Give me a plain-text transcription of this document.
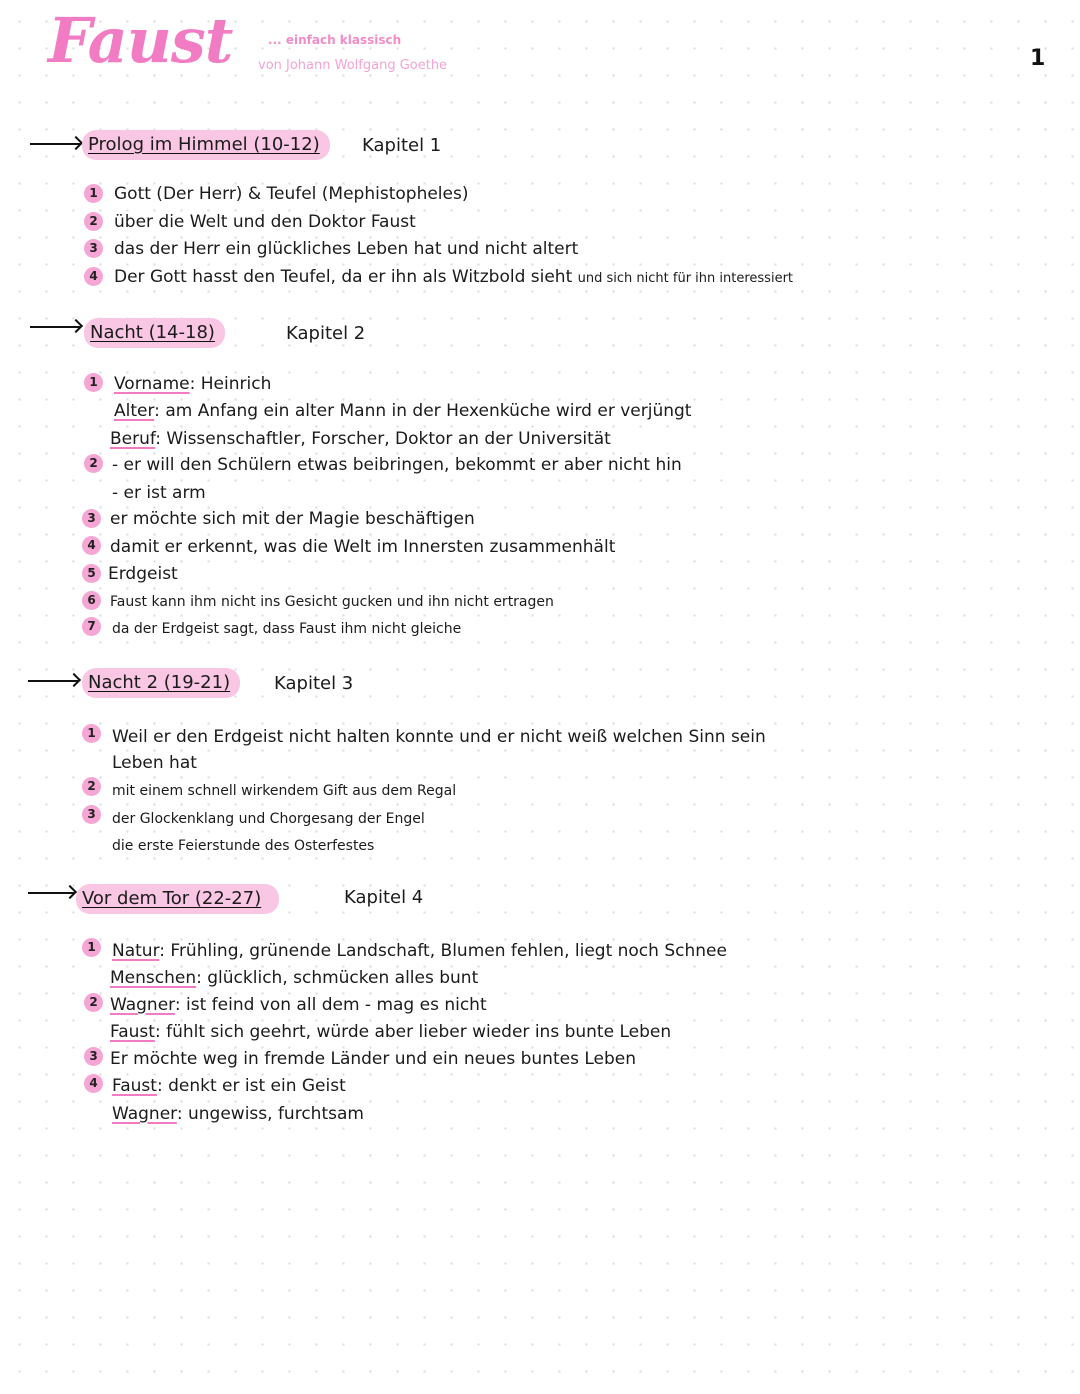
Faust	... einfach klassisch
von Johann Wolfgang Goethe	1
Prolog im Himmel (10-12)	Kapitel 1
1 Gott (Der Herr) & Teufel (Mephistopheles)
2 über die Welt und den Doktor Faust
3 das der Herr ein glückliches Leben hat und nicht altert
4 Der Gott hasst den Teufel, da er ihn als Witzbold sieht und sich nicht für ihn interessiert
Nacht (14-18)	Kapitel 2
1 Vorname: Heinrich
Alter: am Anfang ein alter Mann in der Hexenküche wird er verjüngt
Beruf: Wissenschaftler, Forscher, Doktor an der Universität
2 - er will den Schülern etwas beibringen, bekommt er aber nicht hin
- er ist arm
3 er möchte sich mit der Magie beschäftigen
4 damit er erkennt, was die Welt im Innersten zusammenhält
5 Erdgeist
6	Faust kann ihm nicht ins Gesicht gucken und ihn nicht ertragen
7	da der Erdgeist sagt, dass Faust ihm nicht gleiche
Nacht 2 (19-21)	Kapitel 3
1 Weil er den Erdgeist nicht halten konnte und er nicht weiß welchen Sinn sein
Leben hat
2	mit einem schnell wirkendem Gift aus dem Regal
3	der Glockenklang und Chorgesang der Engel
die erste Feierstunde des Osterfestes
Vor dem Tor (22-27)	Kapitel 4
1 Natur: Frühling, grünende Landschaft, Blumen fehlen, liegt noch Schnee
Menschen: glücklich, schmücken alles bunt
2 Wagner: ist feind von all dem - mag es nicht
Faust: fühlt sich geehrt, würde aber lieber wieder ins bunte Leben
3 Er möchte weg in fremde Länder und ein neues buntes Leben
4 Faust: denkt er ist ein Geist
Wagner: ungewiss, furchtsam
